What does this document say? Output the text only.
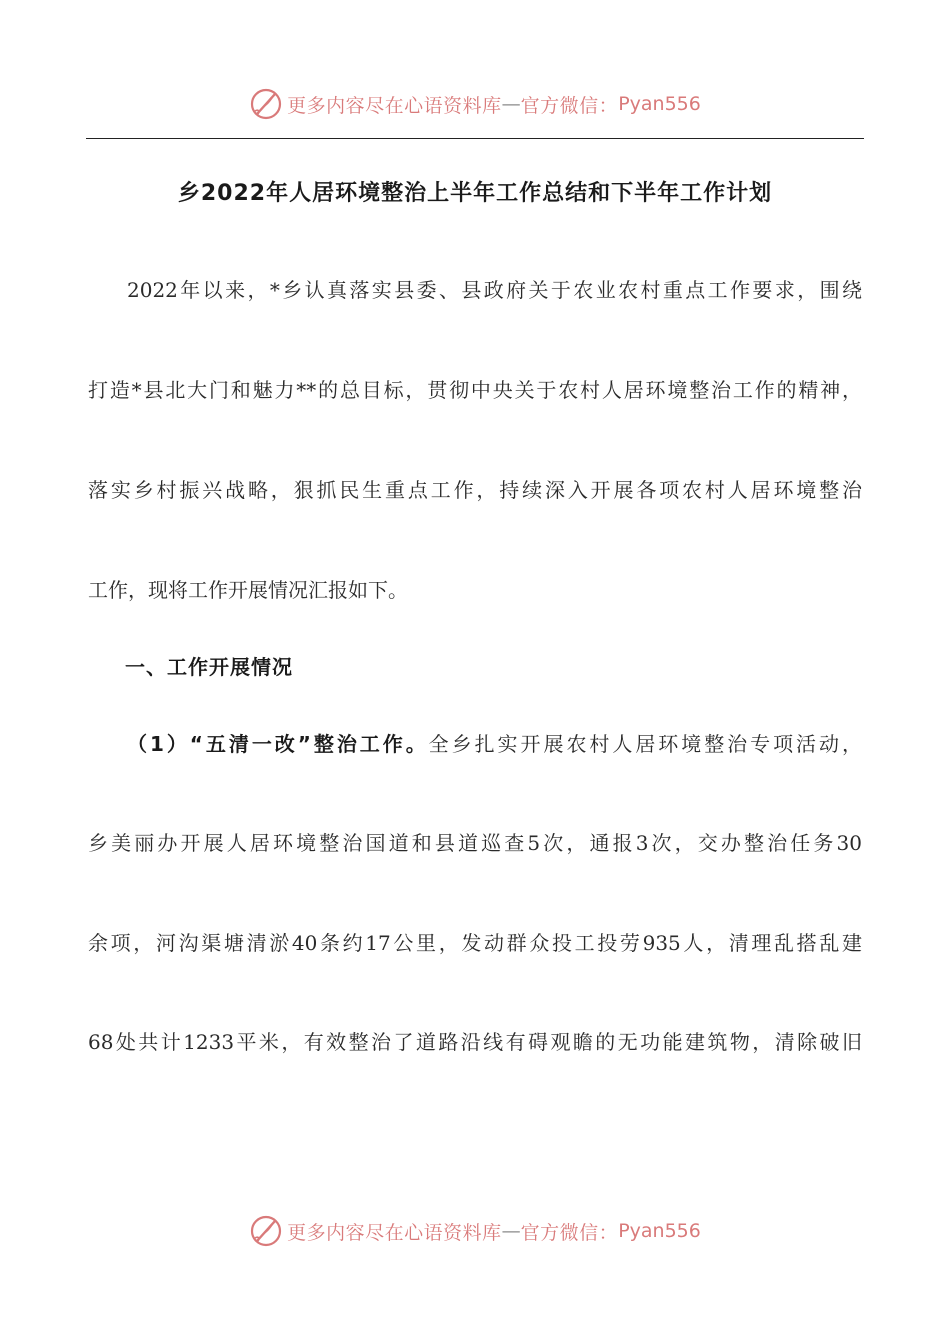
更多内容尽在心语资料库 — 官方微信： Pyan556
乡2022年人居环境整治上半年工作总结和下半年工作计划
2022年以来，*乡认真落实县委、县政府关于农业农村重点工作要求，围绕
打造*县北大门和魅力**的总目标，贯彻中央关于农村人居环境整治工作的精神，
落实乡村振兴战略，狠抓民生重点工作，持续深入开展各项农村人居环境整治
工作，现将工作开展情况汇报如下。
一、工作开展情况
（1）“五清一改”整治工作。全乡扎实开展农村人居环境整治专项活动，
乡美丽办开展人居环境整治国道和县道巡查5次，通报3次，交办整治任务30
余项，河沟渠塘清淤40条约17公里，发动群众投工投劳935人，清理乱搭乱建
68处共计1233平米，有效整治了道路沿线有碍观瞻的无功能建筑物，清除破旧
更多内容尽在心语资料库 — 官方微信： Pyan556
